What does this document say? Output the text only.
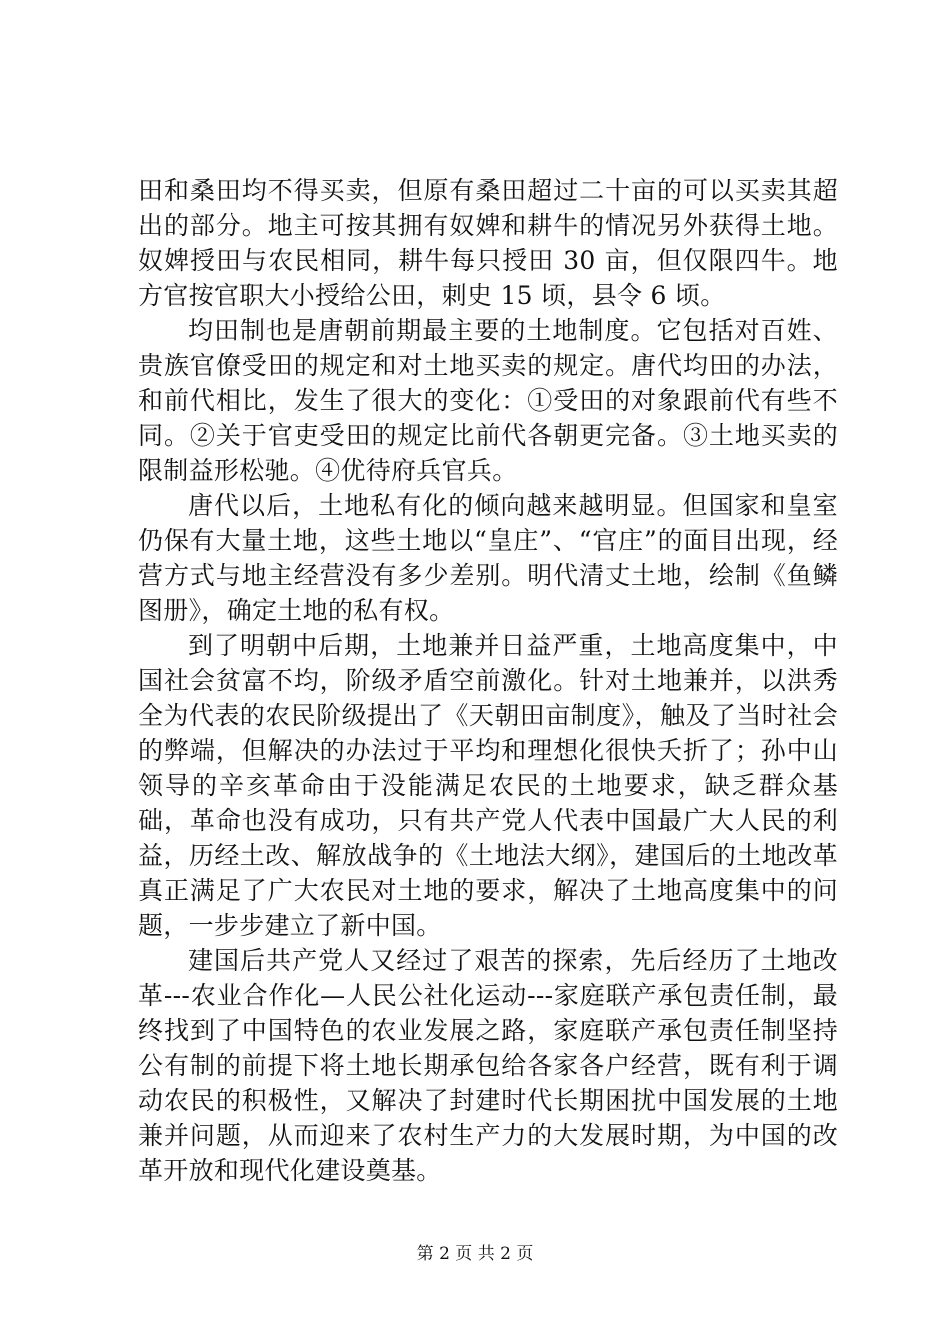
田和桑田均不得买卖，但原有桑田超过二十亩的可以买卖其超出的部分。地主可按其拥有奴婢和耕牛的情况另外获得土地。奴婢授田与农民相同，耕牛每只授田 30 亩，但仅限四牛。地方官按官职大小授给公田，刺史 15 顷，县令 6 顷。

均田制也是唐朝前期最主要的土地制度。它包括对百姓、贵族官僚受田的规定和对土地买卖的规定。唐代均田的办法，和前代相比，发生了很大的变化：①受田的对象跟前代有些不同。②关于官吏受田的规定比前代各朝更完备。③土地买卖的限制益形松驰。④优待府兵官兵。

唐代以后，土地私有化的倾向越来越明显。但国家和皇室仍保有大量土地，这些土地以“皇庄”、“官庄”的面目出现，经营方式与地主经营没有多少差别。明代清丈土地，绘制《鱼鳞图册》，确定土地的私有权。

到了明朝中后期，土地兼并日益严重，土地高度集中，中国社会贫富不均，阶级矛盾空前激化。针对土地兼并，以洪秀全为代表的农民阶级提出了《天朝田亩制度》，触及了当时社会的弊端，但解决的办法过于平均和理想化很快夭折了；孙中山领导的辛亥革命由于没能满足农民的土地要求，缺乏群众基础，革命也没有成功，只有共产党人代表中国最广大人民的利益，历经土改、解放战争的《土地法大纲》，建国后的土地改革真正满足了广大农民对土地的要求，解决了土地高度集中的问题，一步步建立了新中国。

建国后共产党人又经过了艰苦的探索，先后经历了土地改革---农业合作化—人民公社化运动---家庭联产承包责任制，最终找到了中国特色的农业发展之路，家庭联产承包责任制坚持公有制的前提下将土地长期承包给各家各户经营，既有利于调动农民的积极性，又解决了封建时代长期困扰中国发展的土地兼并问题，从而迎来了农村生产力的大发展时期，为中国的改革开放和现代化建设奠基。

第 2 页 共 2 页
